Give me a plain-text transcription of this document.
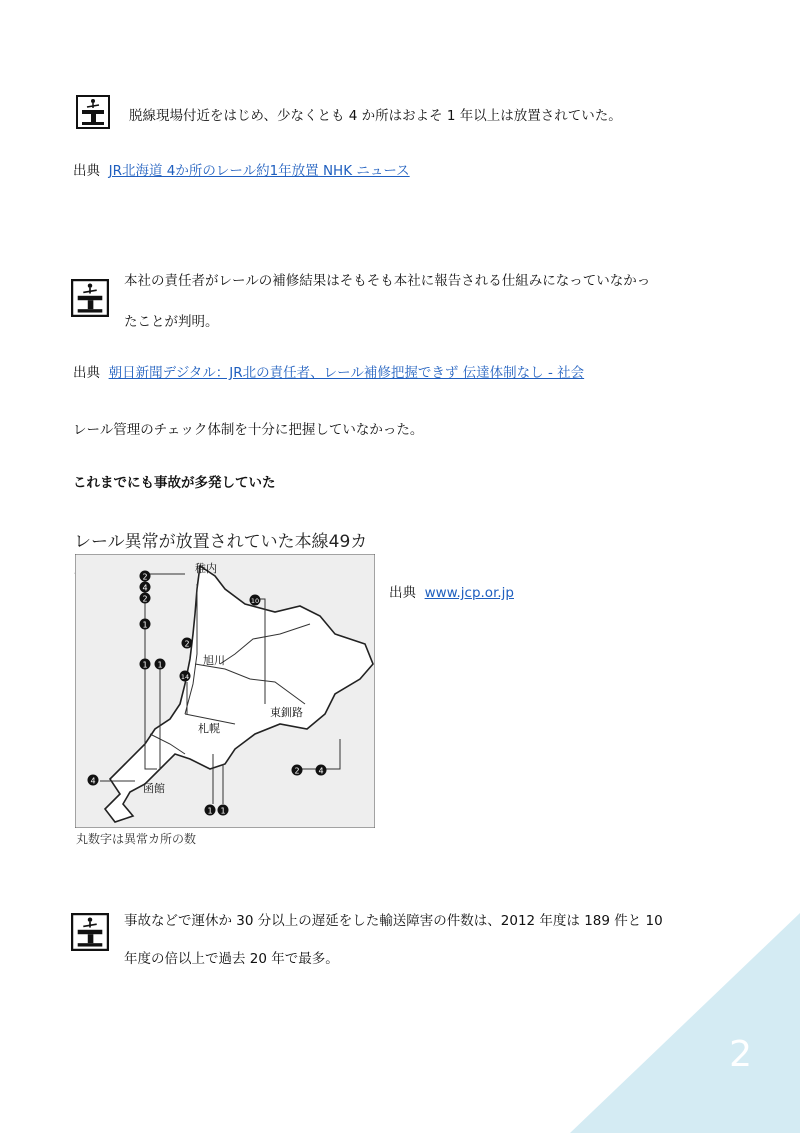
脱線現場付近をはじめ、少なくとも 4 か所はおよそ 1 年以上は放置されていた。
出典 JR北海道 4か所のレール約1年放置 NHK ニュース
本社の責任者がレールの補修結果はそもそも本社に報告される仕組みになっていなかっ
たことが判明。
出典 朝日新聞デジタル：JR北の責任者、レール補修把握できず 伝達体制なし - 社会
レール管理のチェック体制を十分に把握していなかった。
これまでにも事故が多発していた
レール異常が放置されていた本線49カ
稚内
旭川
札幌
函館
東釧路
2
4
2
1
2
14
1 1
10
2 4
4
1 1
丸数字は異常カ所の数
出典 www.jcp.or.jp
事故などで運休か 30 分以上の遅延をした輸送障害の件数は、2012 年度は 189 件と 10
年度の倍以上で過去 20 年で最多。
2
